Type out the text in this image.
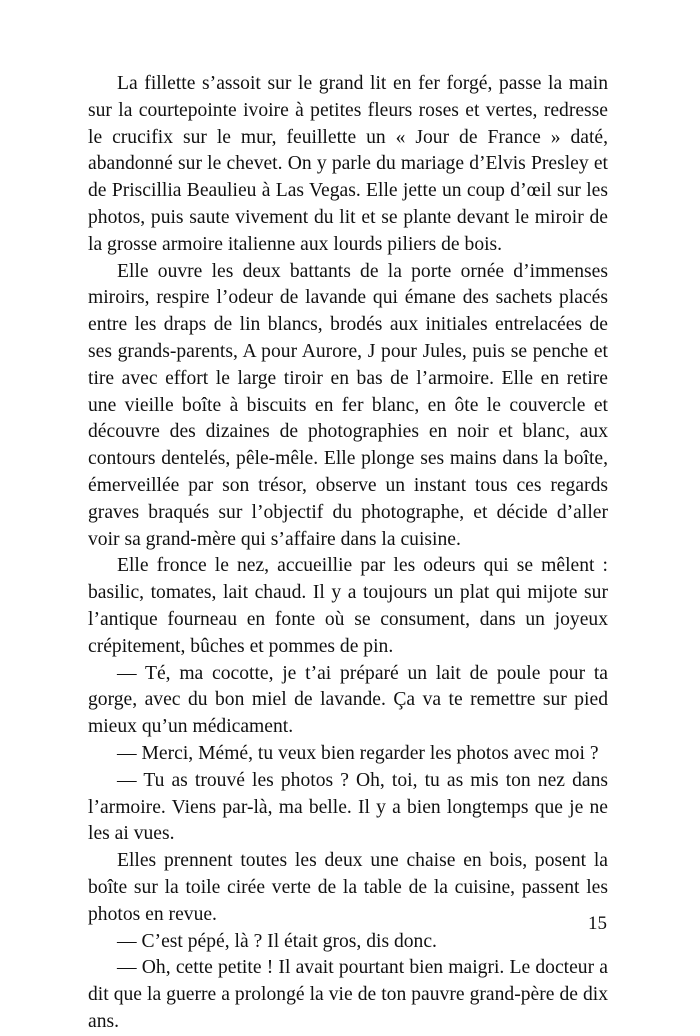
La fillette s’assoit sur le grand lit en fer forgé, passe la main sur la courtepointe ivoire à petites fleurs roses et vertes, redresse le crucifix sur le mur, feuillette un « Jour de France » daté, abandonné sur le chevet. On y parle du mariage d’Elvis Presley et de Priscillia Beaulieu à Las Vegas. Elle jette un coup d’œil sur les photos, puis saute vivement du lit et se plante devant le miroir de la grosse armoire italienne aux lourds piliers de bois.

Elle ouvre les deux battants de la porte ornée d’immenses miroirs, respire l’odeur de lavande qui émane des sachets placés entre les draps de lin blancs, brodés aux initiales entrelacées de ses grands-parents, A pour Aurore, J pour Jules, puis se penche et tire avec effort le large tiroir en bas de l’armoire. Elle en retire une vieille boîte à biscuits en fer blanc, en ôte le couvercle et découvre des dizaines de photographies en noir et blanc, aux contours dentelés, pêle-mêle. Elle plonge ses mains dans la boîte, émerveillée par son trésor, observe un instant tous ces regards graves braqués sur l’objectif du photographe, et décide d’aller voir sa grand-mère qui s’affaire dans la cuisine.

Elle fronce le nez, accueillie par les odeurs qui se mêlent : basilic, tomates, lait chaud. Il y a toujours un plat qui mijote sur l’antique fourneau en fonte où se consument, dans un joyeux crépitement, bûches et pommes de pin.

— Té, ma cocotte, je t’ai préparé un lait de poule pour ta gorge, avec du bon miel de lavande. Ça va te remettre sur pied mieux qu’un médicament.

— Merci, Mémé, tu veux bien regarder les photos avec moi ?

— Tu as trouvé les photos ? Oh, toi, tu as mis ton nez dans l’armoire. Viens par-là, ma belle. Il y a bien longtemps que je ne les ai vues.

Elles prennent toutes les deux une chaise en bois, posent la boîte sur la toile cirée verte de la table de la cuisine, passent les photos en revue.

— C’est pépé, là ? Il était gros, dis donc.

— Oh, cette petite ! Il avait pourtant bien maigri. Le docteur a dit que la guerre a prolongé la vie de ton pauvre grand-père de dix ans.

15
